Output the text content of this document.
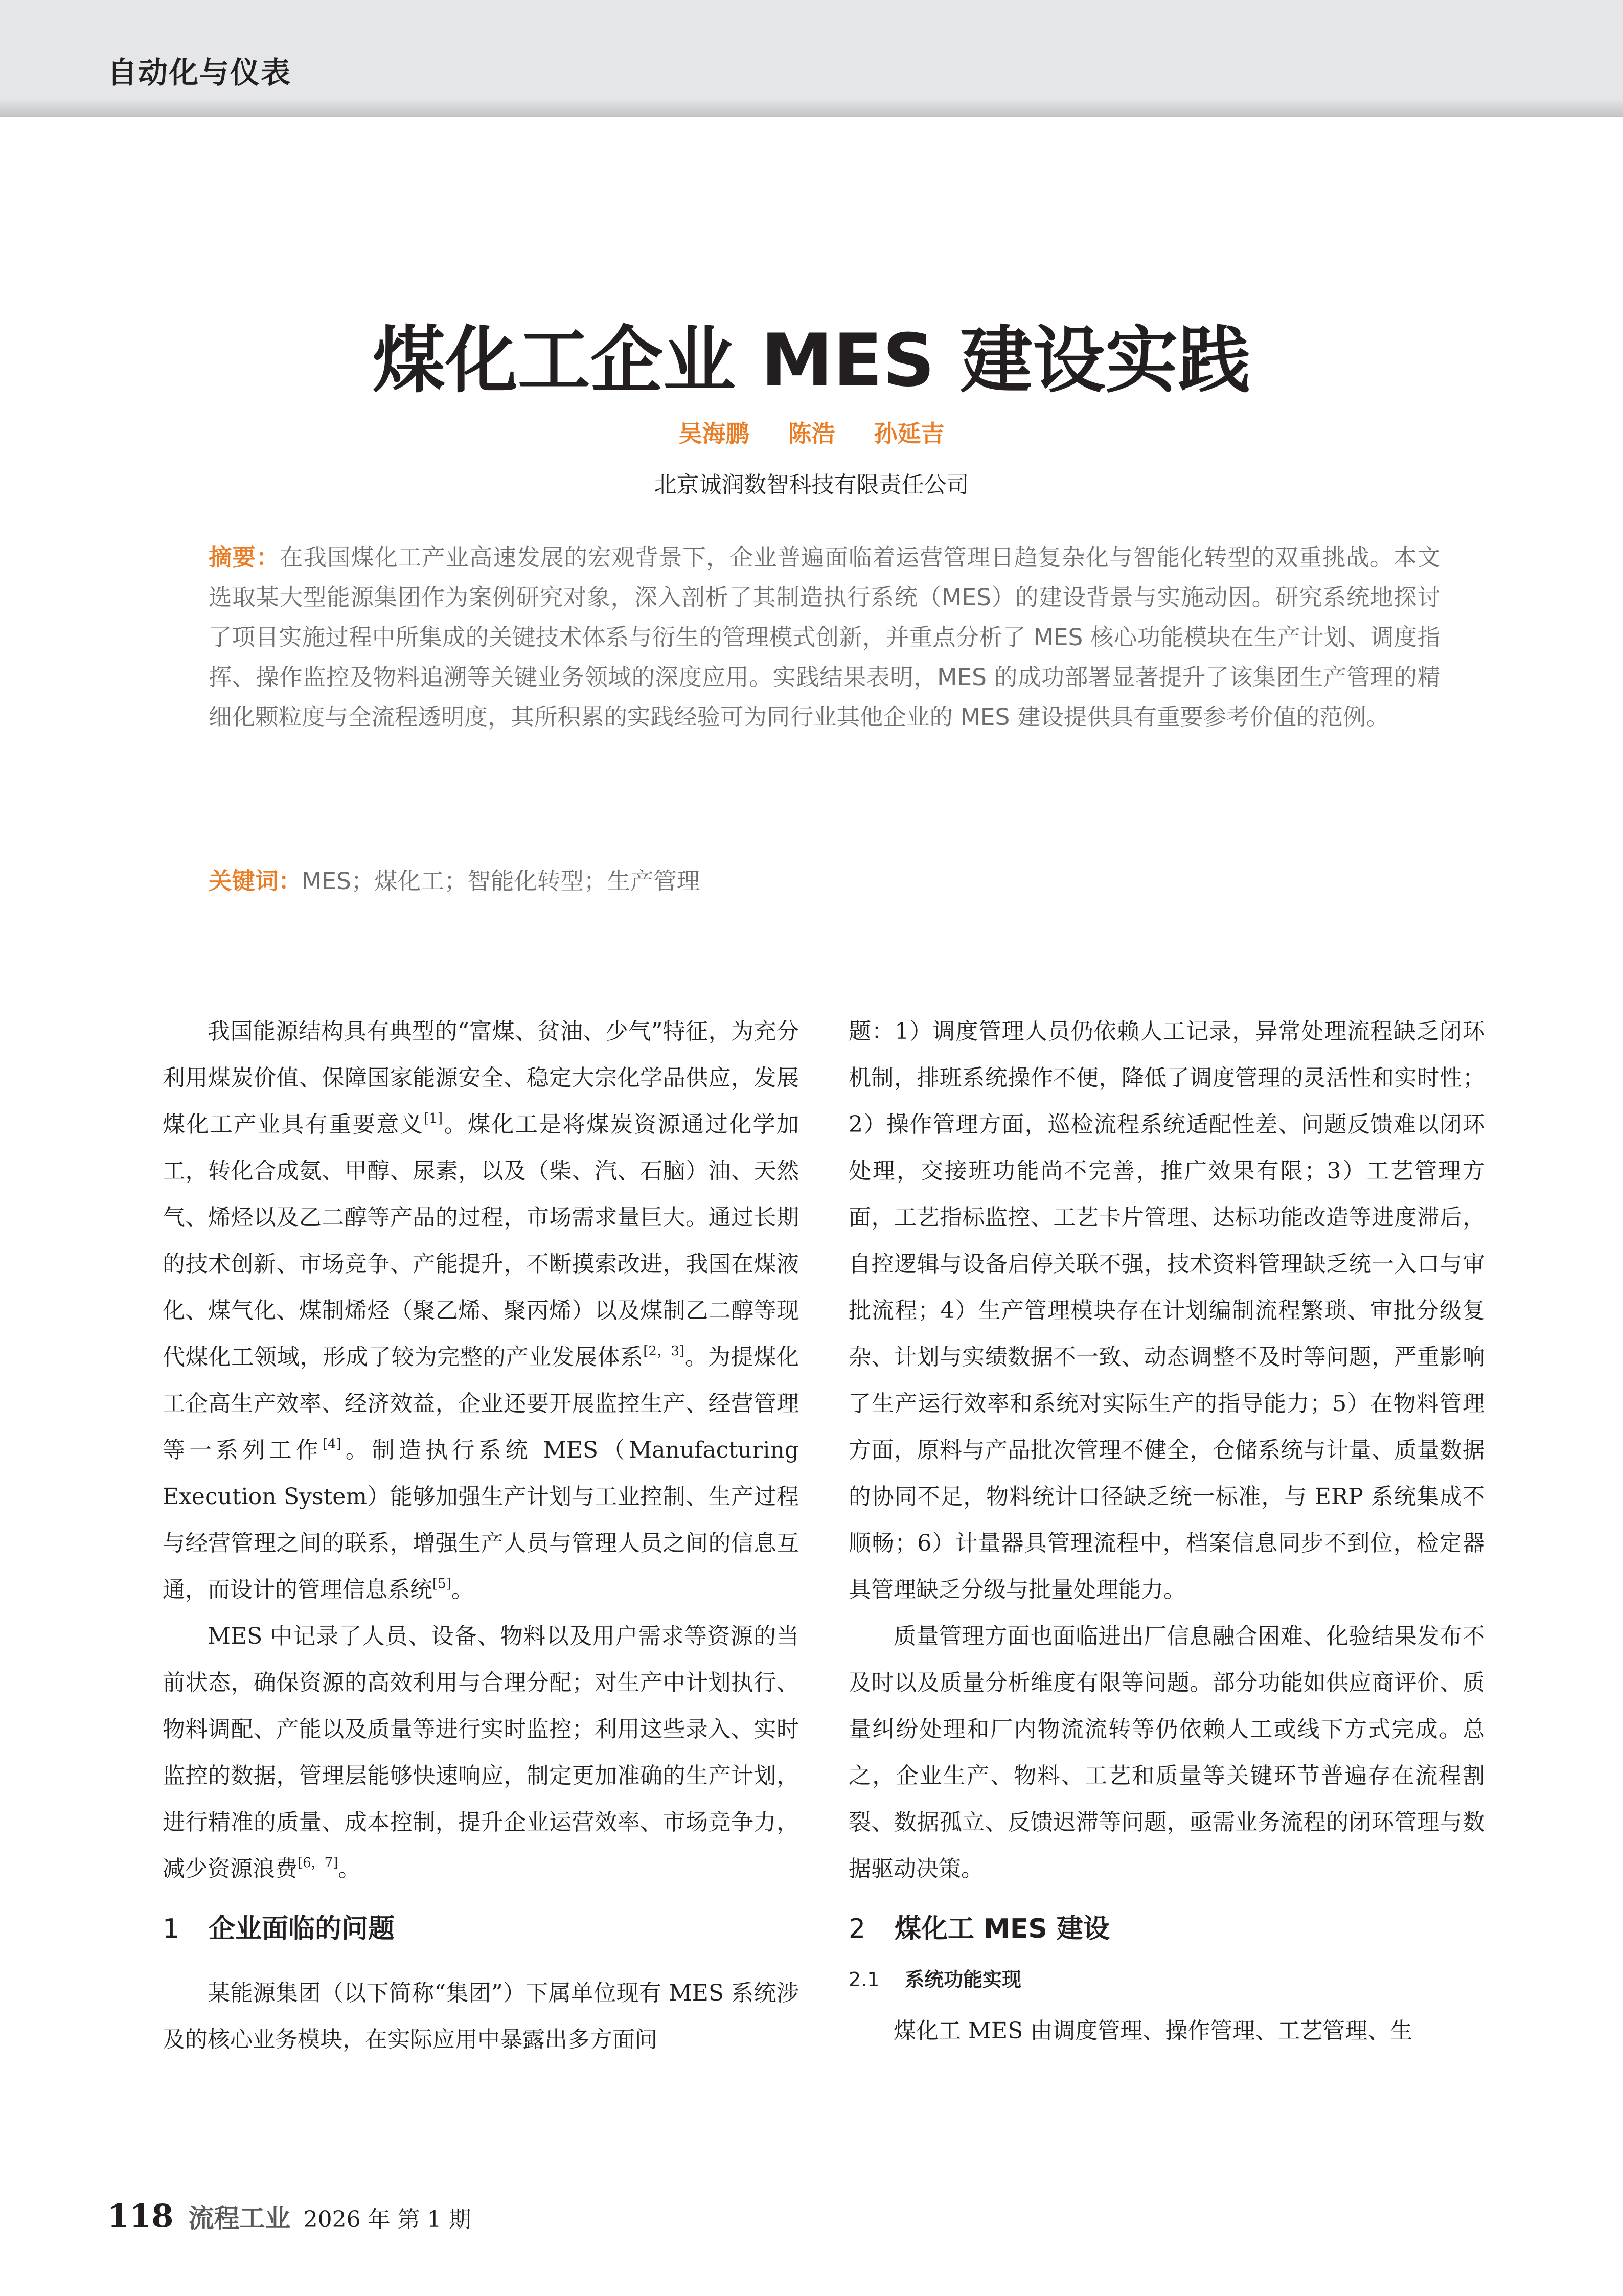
自动化与仪表
煤化工企业 MES 建设实践
吴海鹏 陈浩 孙延吉
北京诚润数智科技有限责任公司
摘要：在我国煤化工产业高速发展的宏观背景下，企业普遍面临着运营管理日趋复杂化与智能化转型的双重挑战。本文选取某大型能源集团作为案例研究对象，深入剖析了其制造执行系统（MES）的建设背景与实施动因。研究系统地探讨了项目实施过程中所集成的关键技术体系与衍生的管理模式创新，并重点分析了 MES 核心功能模块在生产计划、调度指挥、操作监控及物料追溯等关键业务领域的深度应用。实践结果表明，MES 的成功部署显著提升了该集团生产管理的精细化颗粒度与全流程透明度，其所积累的实践经验可为同行业其他企业的 MES 建设提供具有重要参考价值的范例。
关键词：MES；煤化工；智能化转型；生产管理

我国能源结构具有典型的“富煤、贫油、少气”特征，为充分利用煤炭价值、保障国家能源安全、稳定大宗化学品供应，发展煤化工产业具有重要意义[1]。煤化工是将煤炭资源通过化学加工，转化合成氨、甲醇、尿素，以及（柴、汽、石脑）油、天然气、烯烃以及乙二醇等产品的过程，市场需求量巨大。通过长期的技术创新、市场竞争、产能提升，不断摸索改进，我国在煤液化、煤气化、煤制烯烃（聚乙烯、聚丙烯）以及煤制乙二醇等现代煤化工领域，形成了较为完整的产业发展体系[2，3]。为提煤化工企高生产效率、经济效益，企业还要开展监控生产、经营管理等一系列工作[4]。制造执行系统 MES（Manufacturing Execution System）能够加强生产计划与工业控制、生产过程与经营管理之间的联系，增强生产人员与管理人员之间的信息互通，而设计的管理信息系统[5]。

MES 中记录了人员、设备、物料以及用户需求等资源的当前状态，确保资源的高效利用与合理分配；对生产中计划执行、物料调配、产能以及质量等进行实时监控；利用这些录入、实时监控的数据，管理层能够快速响应，制定更加准确的生产计划，进行精准的质量、成本控制，提升企业运营效率、市场竞争力，减少资源浪费[6，7]。

1 企业面临的问题

某能源集团（以下简称“集团”）下属单位现有 MES 系统涉及的核心业务模块，在实际应用中暴露出多方面问

题：1）调度管理人员仍依赖人工记录，异常处理流程缺乏闭环机制，排班系统操作不便，降低了调度管理的灵活性和实时性；2）操作管理方面，巡检流程系统适配性差、问题反馈难以闭环处理，交接班功能尚不完善，推广效果有限；3）工艺管理方面，工艺指标监控、工艺卡片管理、达标功能改造等进度滞后，自控逻辑与设备启停关联不强，技术资料管理缺乏统一入口与审批流程；4）生产管理模块存在计划编制流程繁琐、审批分级复杂、计划与实绩数据不一致、动态调整不及时等问题，严重影响了生产运行效率和系统对实际生产的指导能力；5）在物料管理方面，原料与产品批次管理不健全，仓储系统与计量、质量数据的协同不足，物料统计口径缺乏统一标准，与 ERP 系统集成不顺畅；6）计量器具管理流程中，档案信息同步不到位，检定器具管理缺乏分级与批量处理能力。

质量管理方面也面临进出厂信息融合困难、化验结果发布不及时以及质量分析维度有限等问题。部分功能如供应商评价、质量纠纷处理和厂内物流流转等仍依赖人工或线下方式完成。总之，企业生产、物料、工艺和质量等关键环节普遍存在流程割裂、数据孤立、反馈迟滞等问题，亟需业务流程的闭环管理与数据驱动决策。

2 煤化工 MES 建设
2.1 系统功能实现

煤化工 MES 由调度管理、操作管理、工艺管理、生

118 流程工业 2026 年 第 1 期
